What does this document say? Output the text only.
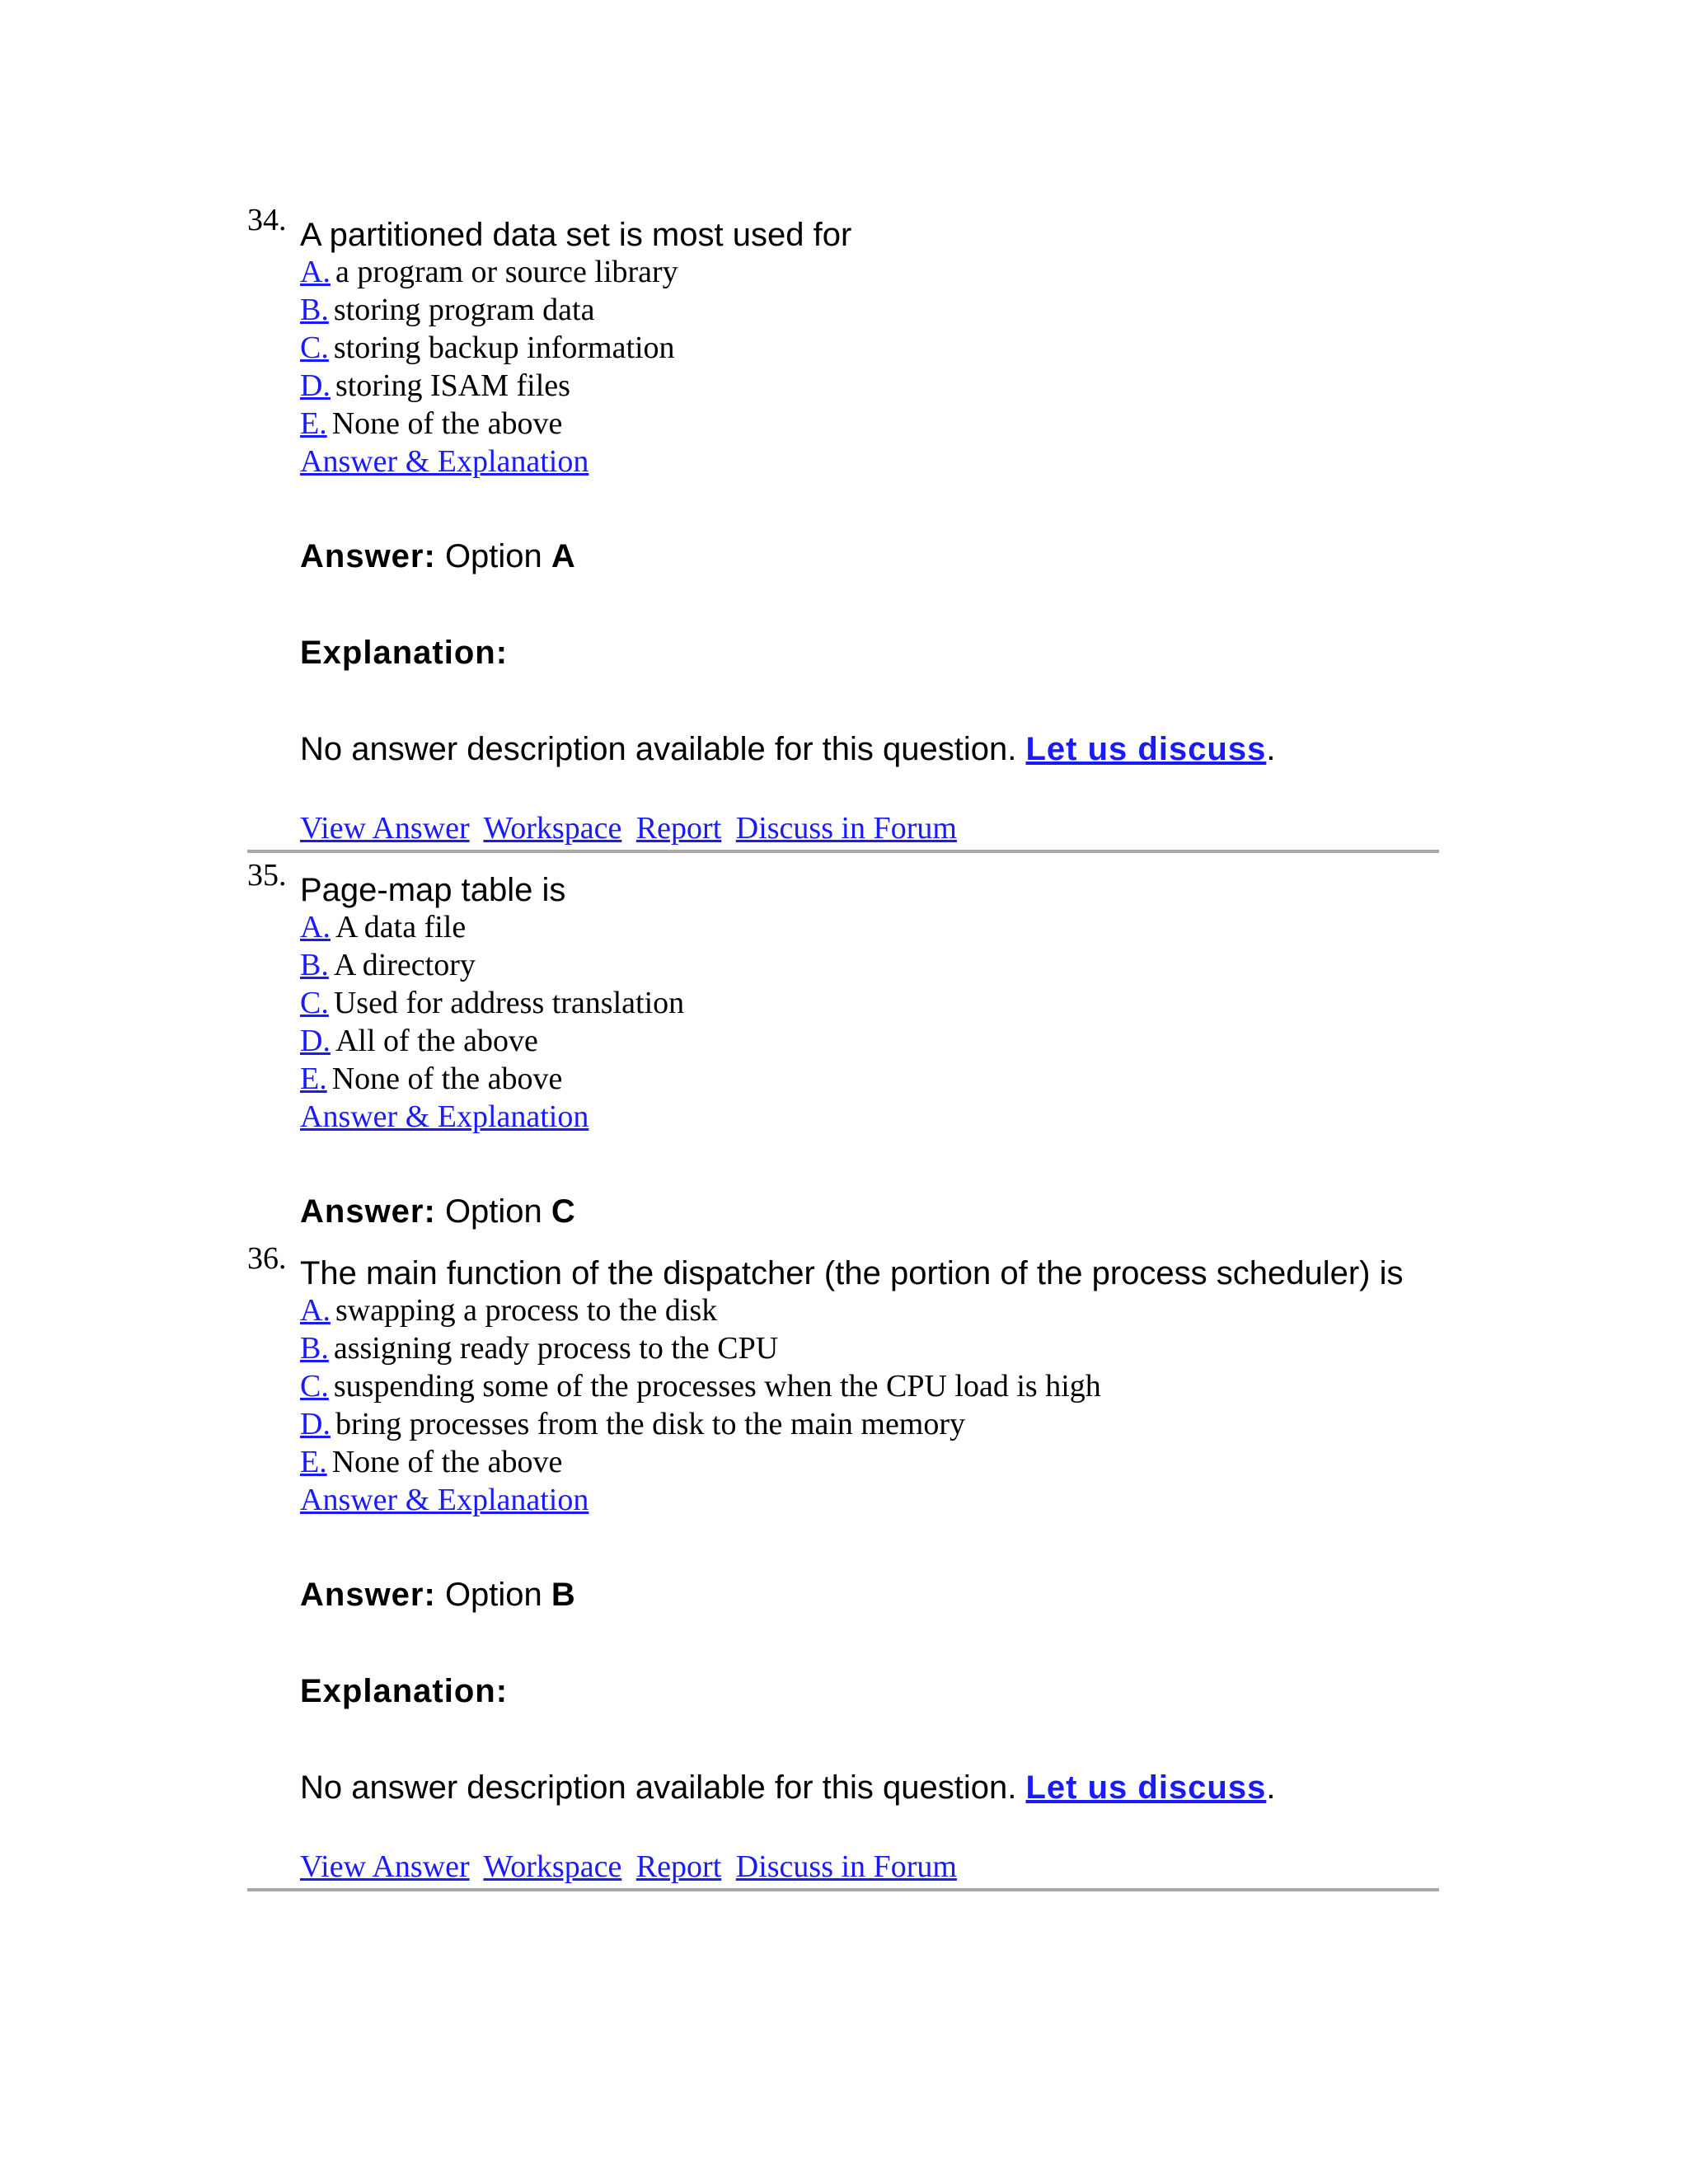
34. A partitioned data set is most used for
A. a program or source library
B. storing program data
C. storing backup information
D. storing ISAM files
E. None of the above
Answer & Explanation
Answer: Option A
Explanation:
No answer description available for this question. Let us discuss.
View Answer Workspace Report Discuss in Forum
35. Page-map table is
A. A data file
B. A directory
C. Used for address translation
D. All of the above
E. None of the above
Answer & Explanation
Answer: Option C
36. The main function of the dispatcher (the portion of the process scheduler) is
A. swapping a process to the disk
B. assigning ready process to the CPU
C. suspending some of the processes when the CPU load is high
D. bring processes from the disk to the main memory
E. None of the above
Answer & Explanation
Answer: Option B
Explanation:
No answer description available for this question. Let us discuss.
View Answer Workspace Report Discuss in Forum
